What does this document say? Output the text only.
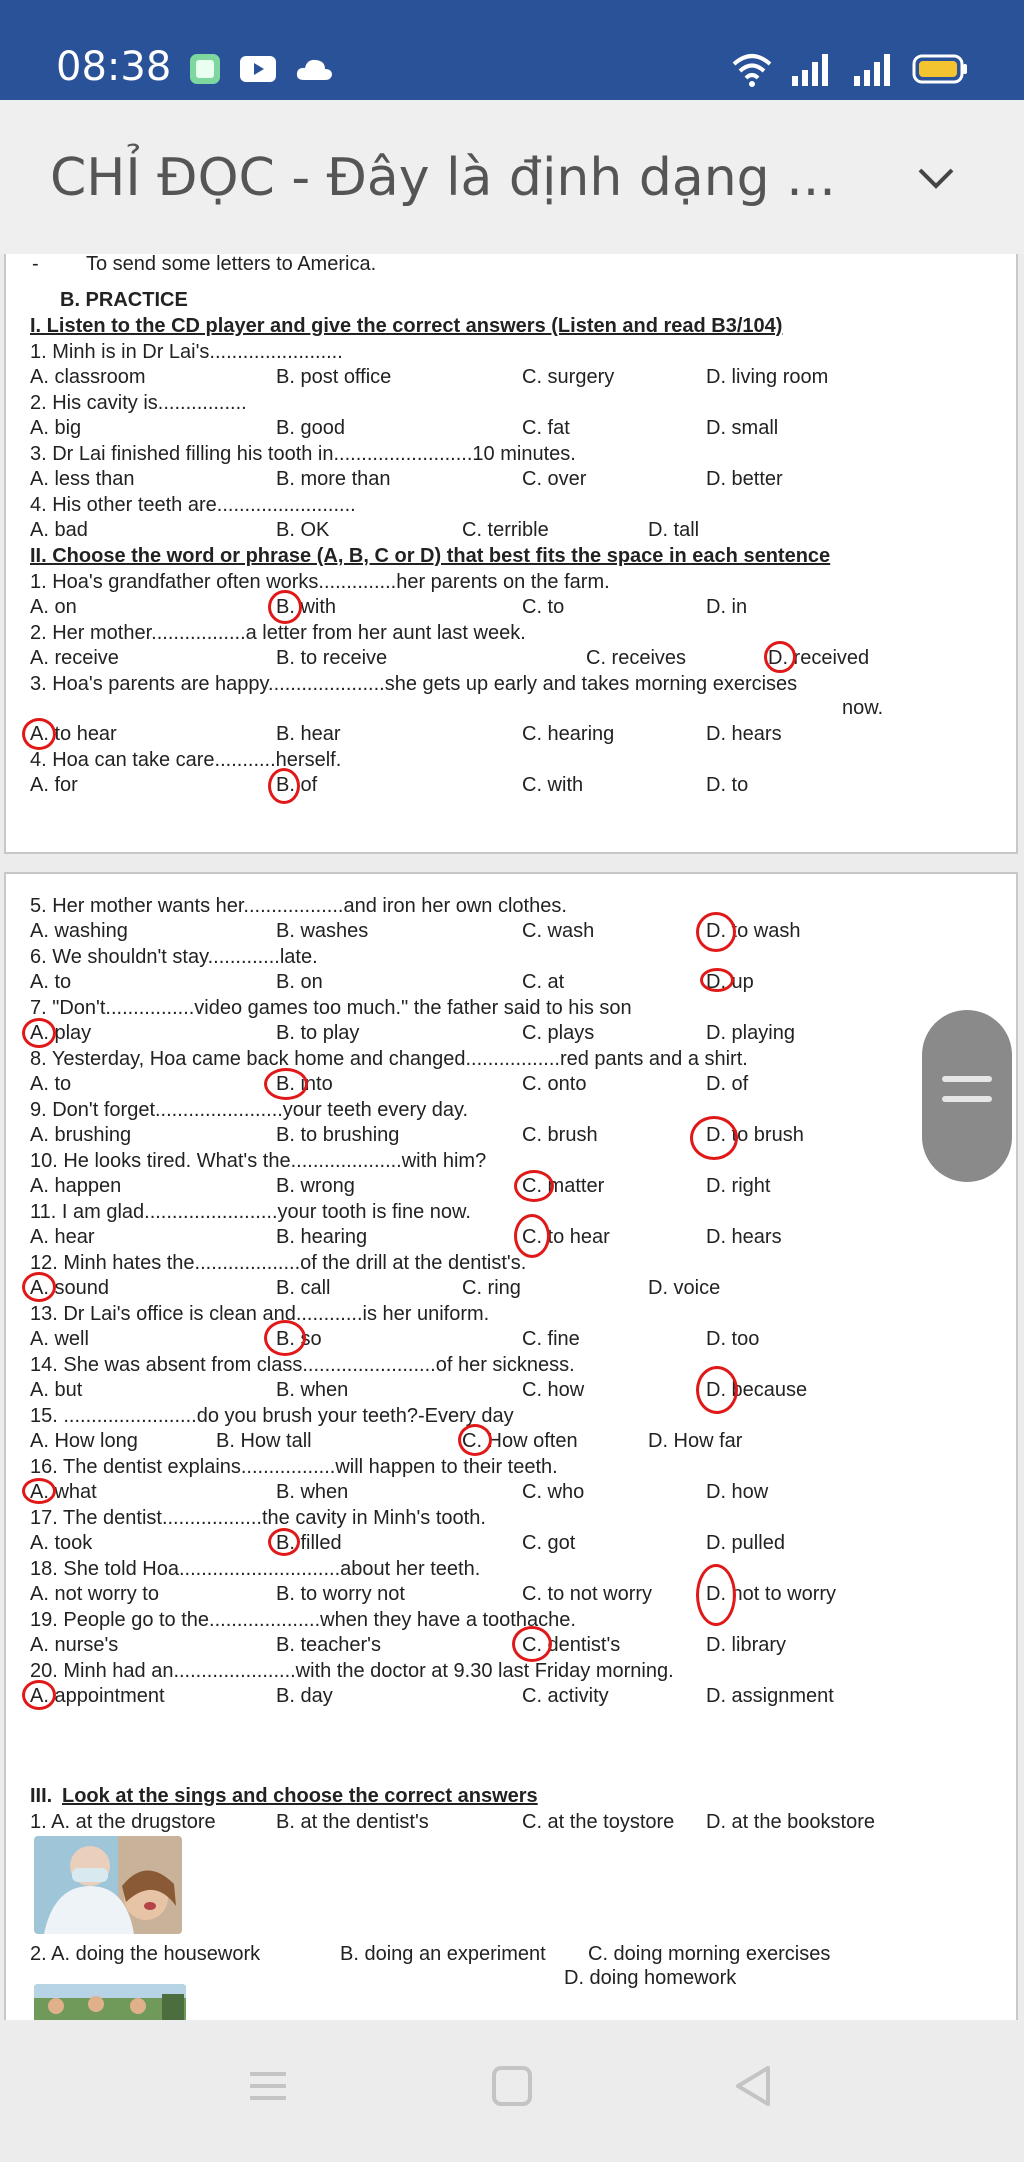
08:38
CHỈ ĐỌC - Đây là định dạng ...
- To send some letters to America.
B. PRACTICE
I. Listen to the CD player and give the correct answers (Listen and read B3/104)
1. Minh is in Dr Lai's........................
A. classroom	B. post office	C. surgery	D. living room
2. His cavity is................
A. big	B. good	C. fat	D. small
3. Dr Lai finished filling his tooth in.........................10 minutes.
A. less than	B. more than	C. over	D. better
4. His other teeth are.........................
A. bad	B. OK	C. terrible	D. tall
II. Choose the word or phrase (A, B, C or D) that best fits the space in each sentence
1. Hoa's grandfather often works..............her parents on the farm.
A. on	B. with	C. to	D. in
2. Her mother.................a letter from her aunt last week.
A. receive	B. to receive	C. receives	D. received
3. Hoa's parents are happy.....................she gets up early and takes morning exercises
now.
A. to hear	B. hear	C. hearing	D. hears
4. Hoa can take care...........herself.
A. for	B. of	C. with	D. to
5. Her mother wants her..................and iron her own clothes.
A. washing	B. washes	C. wash	D. to wash
6. We shouldn't stay.............late.
A. to	B. on	C. at	D. up
7. "Don't................video games too much." the father said to his son
A. play	B. to play	C. plays	D. playing
8. Yesterday, Hoa came back home and changed.................red pants and a shirt.
A. to	B. into	C. onto	D. of
9. Don't forget.......................your teeth every day.
A. brushing	B. to brushing	C. brush	D. to brush
10. He looks tired. What's the....................with him?
A. happen	B. wrong	C. matter	D. right
11. I am glad........................your tooth is fine now.
A. hear	B. hearing	C. to hear	D. hears
12. Minh hates the...................of the drill at the dentist's.
A. sound	B. call	C. ring	D. voice
13. Dr Lai's office is clean and............is her uniform.
A. well	B. so	C. fine	D. too
14. She was absent from class........................of her sickness.
A. but	B. when	C. how	D. because
15. ........................do you brush your teeth?-Every day
A. How long	B. How tall	C. How often	D. How far
16. The dentist explains.................will happen to their teeth.
A. what	B. when	C. who	D. how
17. The dentist..................the cavity in Minh's tooth.
A. took	B. filled	C. got	D. pulled
18. She told Hoa.............................about her teeth.
A. not worry to	B. to worry not	C. to not worry	D. not to worry
19. People go to the....................when they have a toothache.
A. nurse's	B. teacher's	C. dentist's	D. library
20. Minh had an......................with the doctor at 9.30 last Friday morning.
A. appointment	B. day	C. activity	D. assignment
III. Look at the sings and choose the correct answers
1. A. at the drugstore	B. at the dentist's	C. at the toystore D. at the bookstore
2. A. doing the housework	B. doing an experiment C. doing morning exercises
D. doing homework
